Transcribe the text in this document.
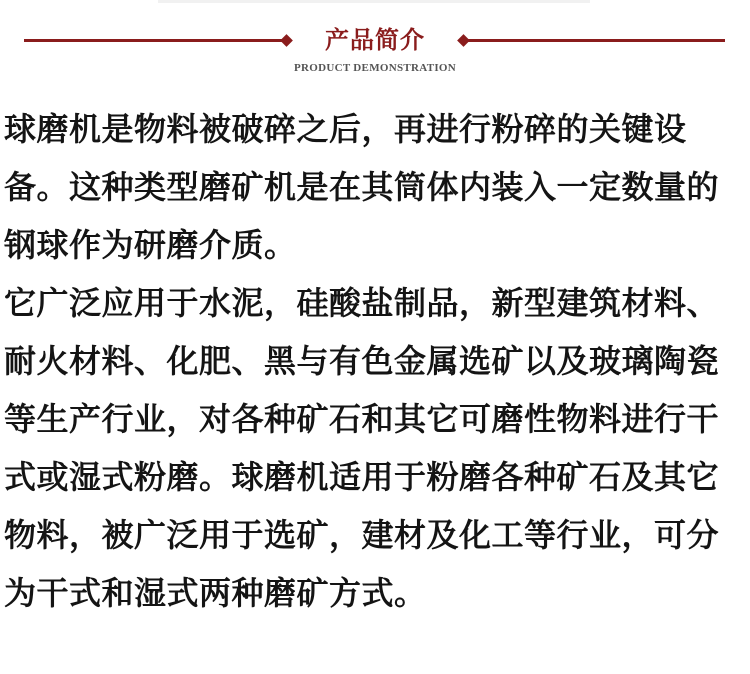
产品简介
PRODUCT DEMONSTRATION

球磨机是物料被破碎之后，再进行粉碎的关键设备。这种类型磨矿机是在其筒体内装入一定数量的钢球作为研磨介质。

它广泛应用于水泥，硅酸盐制品，新型建筑材料、耐火材料、化肥、黑与有色金属选矿以及玻璃陶瓷等生产行业，对各种矿石和其它可磨性物料进行干式或湿式粉磨。球磨机适用于粉磨各种矿石及其它物料，被广泛用于选矿，建材及化工等行业，可分为干式和湿式两种磨矿方式。
